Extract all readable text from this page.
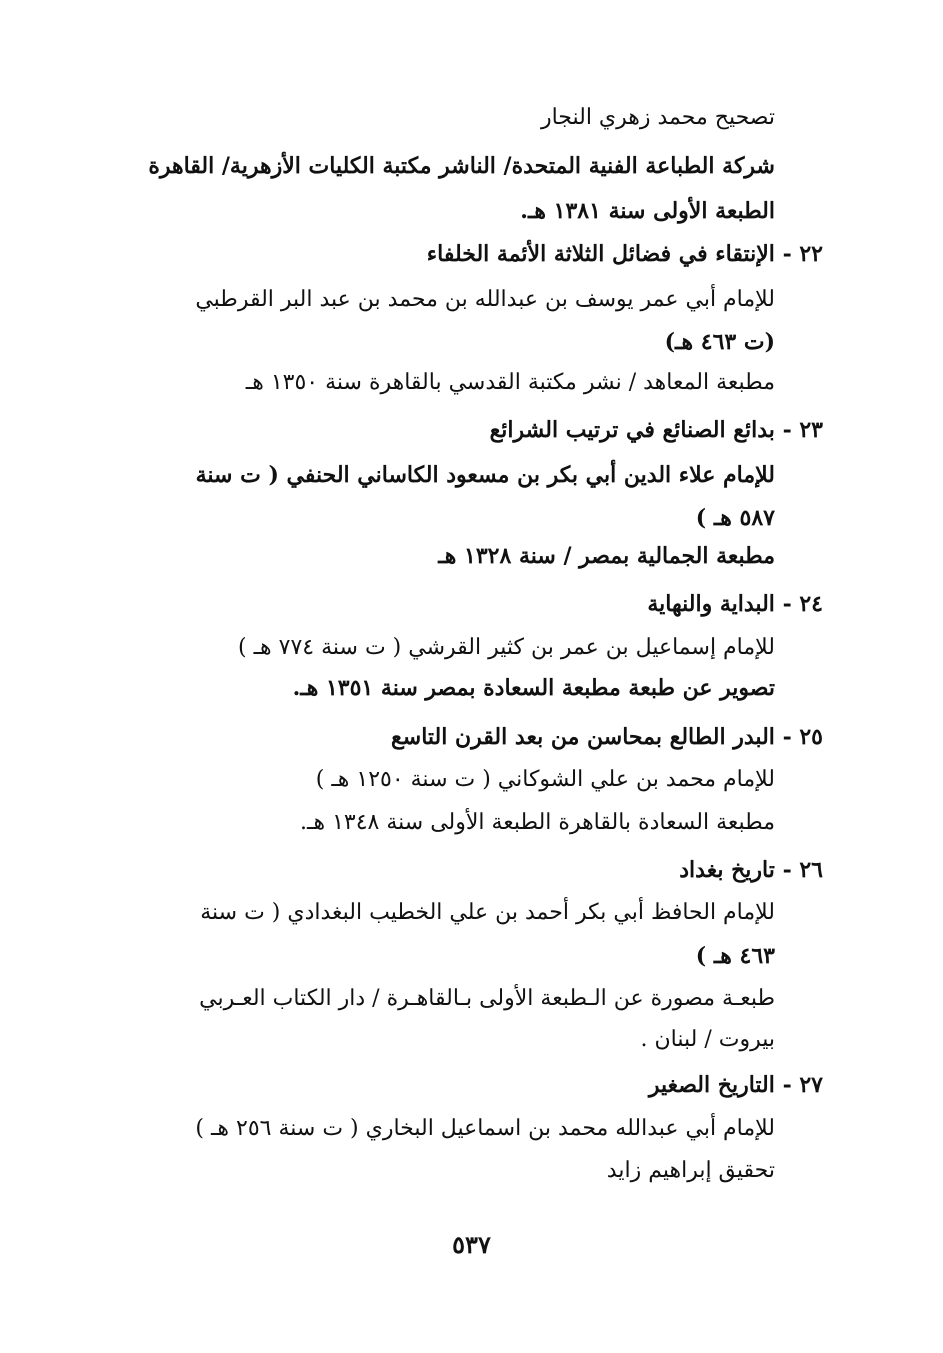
تصحيح محمد زهري النجار
شركة الطباعة الفنية المتحدة/ الناشر مكتبة الكليات الأزهرية/ القاهرة
الطبعة الأولى سنة ١٣٨١ هـ.
٢٢ - الإنتقاء في فضائل الثلاثة الأئمة الخلفاء
للإمام أبي عمر يوسف بن عبدالله بن محمد بن عبد البر القرطبي
(ت ٤٦٣ هـ)
مطبعة المعاهد / نشر مكتبة القدسي بالقاهرة سنة ١٣٥٠ هـ
٢٣ - بدائع الصنائع في ترتيب الشرائع
للإمام علاء الدين أبي بكر بن مسعود الكاساني الحنفي ( ت سنة
٥٨٧ هـ )
مطبعة الجمالية بمصر / سنة ١٣٢٨ هـ
٢٤ - البداية والنهاية
للإمام إسماعيل بن عمر بن كثير القرشي ( ت سنة ٧٧٤ هـ )
تصوير عن طبعة مطبعة السعادة بمصر سنة ١٣٥١ هـ.
٢٥ - البدر الطالع بمحاسن من بعد القرن التاسع
للإمام محمد بن علي الشوكاني ( ت سنة ١٢٥٠ هـ )
مطبعة السعادة بالقاهرة الطبعة الأولى سنة ١٣٤٨ هـ.
٢٦ - تاريخ بغداد
للإمام الحافظ أبي بكر أحمد بن علي الخطيب البغدادي ( ت سنة
٤٦٣ هـ )
طبعـة مصورة عن الـطبعة الأولى بـالقاهـرة / دار الكتاب العـربي
بيروت / لبنان .
٢٧ - التاريخ الصغير
للإمام أبي عبدالله محمد بن اسماعيل البخاري ( ت سنة ٢٥٦ هـ )
تحقيق إبراهيم زايد
٥٣٧
